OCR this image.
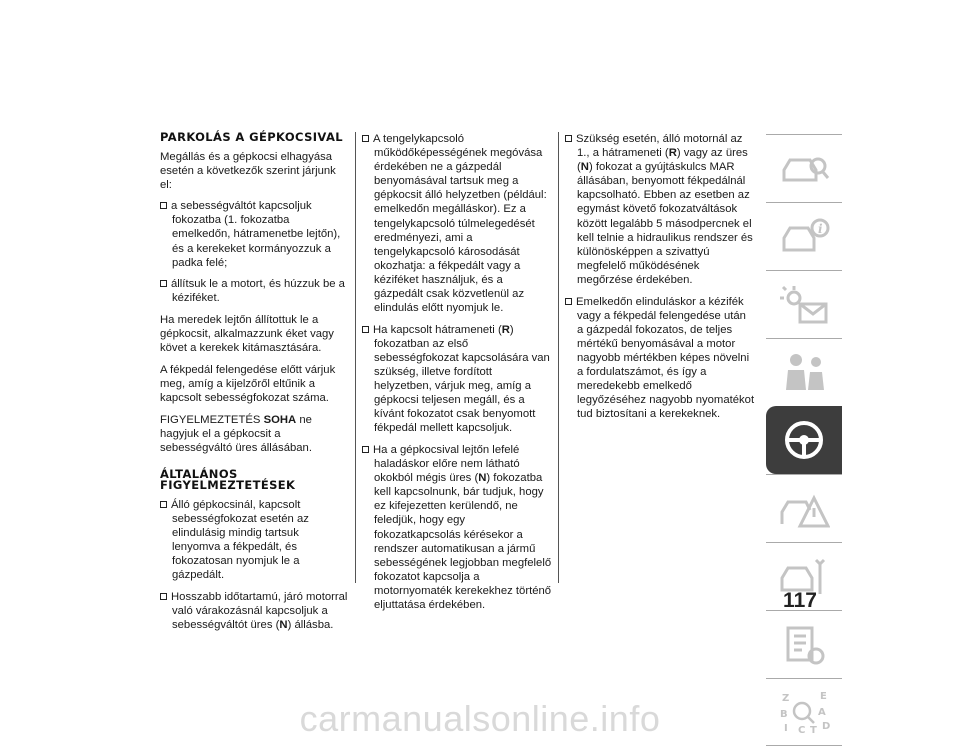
PARKOLÁS A GÉPKOCSIVAL

Megállás és a gépkocsi elhagyása esetén a következők szerint járjunk el:

a sebességváltót kapcsoljuk fokozatba (1. fokozatba emelkedőn, hátramenetbe lejtőn), és a kerekeket kormányozzuk a padka felé;

állítsuk le a motort, és húzzuk be a kéziféket.

Ha meredek lejtőn állítottuk le a gépkocsit, alkalmazzunk éket vagy követ a kerekek kitámasztására.

A fékpedál felengedése előtt várjuk meg, amíg a kijelzőről eltűnik a kapcsolt sebességfokozat száma.

FIGYELMEZTETÉS SOHA ne hagyjuk el a gépkocsit a sebességváltó üres állásában.

ÁLTALÁNOS FIGYELMEZTETÉSEK

Álló gépkocsinál, kapcsolt sebességfokozat esetén az elindulásig mindig tartsuk lenyomva a fékpedált, és fokozatosan nyomjuk le a gázpedált.

Hosszabb időtartamú, járó motorral való várakozásnál kapcsoljuk a sebességváltót üres (N) állásba.

A tengelykapcsoló működőképességének megóvása érdekében ne a gázpedál benyomásával tartsuk meg a gépkocsit álló helyzetben (például: emelkedőn megálláskor). Ez a tengelykapcsoló túlmelegedését eredményezi, ami a tengelykapcsoló károsodását okozhatja: a fékpedált vagy a kéziféket használjuk, és a gázpedált csak közvetlenül az elindulás előtt nyomjuk le.

Ha kapcsolt hátrameneti (R) fokozatban az első sebességfokozat kapcsolására van szükség, illetve fordított helyzetben, várjuk meg, amíg a gépkocsi teljesen megáll, és a kívánt fokozatot csak benyomott fékpedál mellett kapcsoljuk.

Ha a gépkocsival lejtőn lefelé haladáskor előre nem látható okokból mégis üres (N) fokozatba kell kapcsolnunk, bár tudjuk, hogy ez kifejezetten kerülendő, ne feledjük, hogy egy fokozatkapcsolás kérésekor a rendszer automatikusan a jármű sebességének legjobban megfelelő fokozatot kapcsolja a motornyomaték kerekekhez történő eljuttatása érdekében.

Szükség esetén, álló motornál az 1., a hátrameneti (R) vagy az üres (N) fokozat a gyújtáskulcs MAR állásában, benyomott fékpedálnál kapcsolható. Ebben az esetben az egymást követő fokozatváltások között legalább 5 másodpercnek el kell telnie a hidraulikus rendszer és különösképpen a szivattyú megfelelő működésének megőrzése érdekében.

Emelkedőn elinduláskor a kézifék vagy a fékpedál felengedése után a gázpedál fokozatos, de teljes mértékű benyomásával a motor nagyobb mértékben képes növelni a fordulatszámot, és így a meredekebb emelkedő legyőzéséhez nagyobb nyomatékot tud biztosítani a kerekeknek.

i
Z	E
B	A
I C T D
117
carmanualsonline.info
